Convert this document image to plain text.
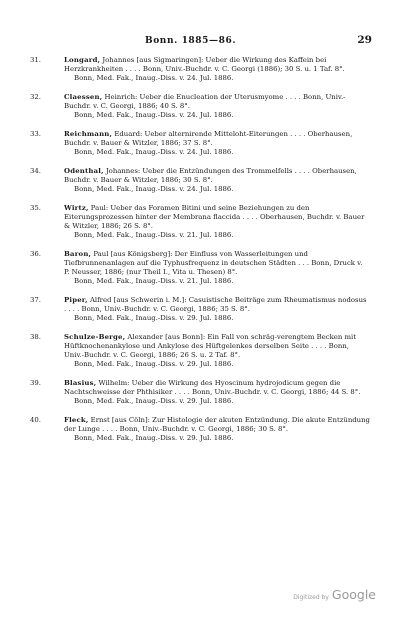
Bonn. 1885—86.	29
31.	Longard, Johannes [aus Sigmaringen]: Ueber die Wirkung des Kaffein bei Herzkrankheiten . . . . Bonn, Univ.-Buchdr. v. C. Georgi (1886); 30 S. u. 1 Taf. 8°.
Bonn, Med. Fak., Inaug.-Diss. v. 24. Jul. 1886.
32.	Claessen, Heinrich: Ueber die Enucleation der Uterusmyome . . . . Bonn, Univ.-Buchdr. v. C. Georgi, 1886; 40 S. 8°.
Bonn, Med. Fak., Inaug.-Diss. v. 24. Jul. 1886.
33.	Reichmann, Eduard: Ueber alternirende Mitteloht-Eiterungen . . . . Oberhausen, Buchdr. v. Bauer & Witzler, 1886; 37 S. 8°.
Bonn, Med. Fak., Inaug.-Diss. v. 24. Jul. 1886.
34.	Odenthal, Johannes: Ueber die Entzündungen des Trommelfells . . . . Oberhausen, Buchdr. v. Bauer & Witzler, 1886; 30 S. 8°.
Bonn, Med. Fak., Inaug.-Diss. v. 24. Jul. 1886.
35.	Wirtz, Paul: Ueber das Foramen Bitini und seine Beziehungen zu den Eiterungsprozessen hinter der Membrana flaccida . . . . Oberhausen, Buchdr. v. Bauer & Witzler, 1886; 26 S. 8°.
Bonn, Med. Fak., Inaug.-Diss. v. 21. Jul. 1886.
36.	Baron, Paul [aus Königsberg]: Der Einfluss von Wasserleitungen und Tiefbrunnenanlagen auf die Typhusfrequenz in deutschen Städten . . . Bonn, Druck v. P. Neusser, 1886; (nur Theil I., Vita u. Thesen) 8°.
Bonn, Med. Fak., Inaug.-Diss. v. 21. Jul. 1886.
37.	Piper, Alfred [aus Schwerin i. M.]: Casuistische Beiträge zum Rheumatismus nodosus . . . . Bonn, Univ.-Buchdr. v. C. Georgi, 1886; 35 S. 8°.
Bonn, Med. Fak., Inaug.-Diss. v. 29. Jul. 1886.
38.	Schulze-Berge, Alexander [aus Bonn]: Ein Fall von schräg-verengtem Becken mit Hüftknochenankylose und Ankylose des Hüftgelenkes derselben Seite . . . . Bonn, Univ.-Buchdr. v. C. Georgi, 1886; 26 S. u. 2 Taf. 8°.
Bonn, Med. Fak., Inaug.-Diss. v. 29. Jul. 1886.
39.	Blasius, Wilhelm: Ueber die Wirkung des Hyoscinum hydrojodicum gegen die Nachtschweisse der Phthisiker . . . . Bonn, Univ.-Buchdr. v. C. Georgi, 1886; 44 S. 8°.
Bonn, Med. Fak., Inaug.-Diss. v. 29. Jul. 1886.
40.	Fleck, Ernst [aus Cöln]: Zur Histologie der akuten Entzündung. Die akute Entzündung der Lunge . . . . Bonn, Univ.-Buchdr. v. C. Georgi, 1886; 30 S. 8°.
Bonn, Med. Fak., Inaug.-Diss. v. 29. Jul. 1886.
Digitized by Google
